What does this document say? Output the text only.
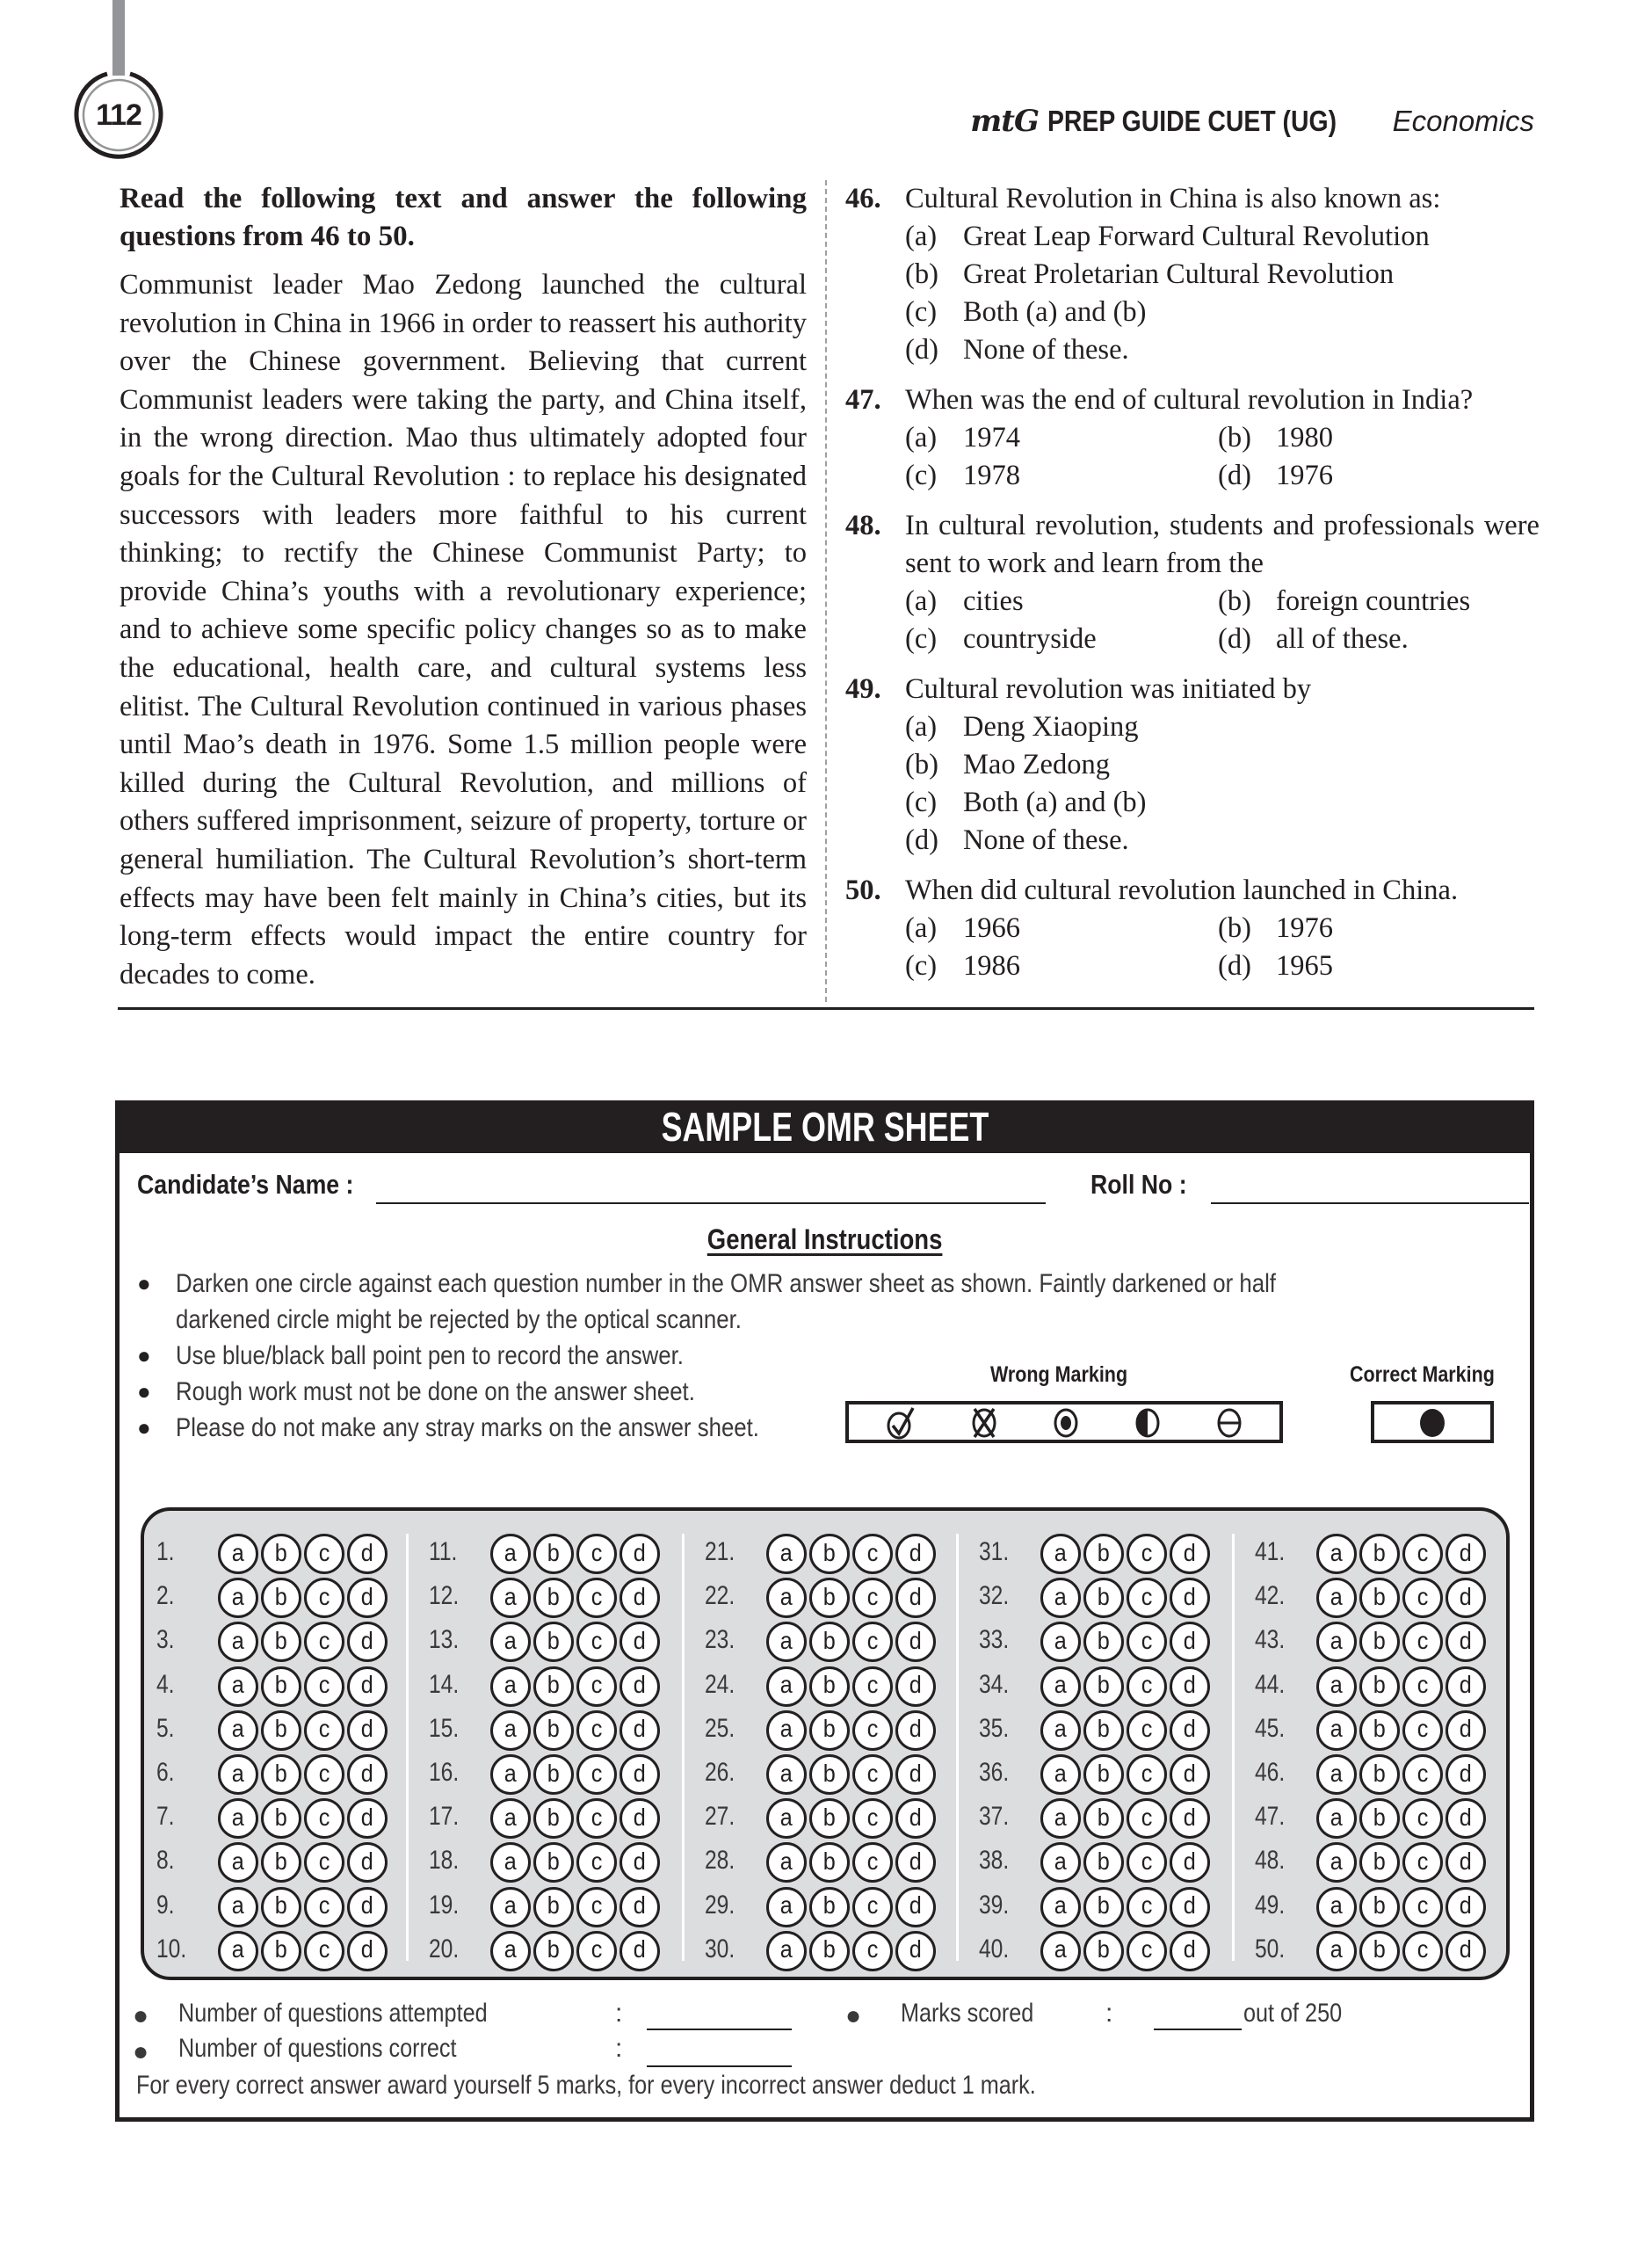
112	mtG PREP GUIDE CUET (UG) Economics

Read the following text and answer the following questions from 46 to 50.

Communist leader Mao Zedong launched the cultural revolution in China in 1966 in order to reassert his authority over the Chinese government. Believing that current Communist leaders were taking the party, and China itself, in the wrong direction. Mao thus ultimately adopted four goals for the Cultural Revolution : to replace his designated successors with leaders more faithful to his current thinking; to rectify the Chinese Communist Party; to provide China’s youths with a revolutionary experience; and to achieve some specific policy changes so as to make the educational, health care, and cultural systems less elitist. The Cultural Revolution continued in various phases until Mao’s death in 1976. Some 1.5 million people were killed during the Cultural Revolution, and millions of others suffered imprisonment, seizure of property, torture or general humiliation. The Cultural Revolution’s short-term effects may have been felt mainly in China’s cities, but its long-term effects would impact the entire country for decades to come.

46. Cultural Revolution in China is also known as:
(a) Great Leap Forward Cultural Revolution
(b) Great Proletarian Cultural Revolution
(c) Both (a) and (b)
(d) None of these.
47. When was the end of cultural revolution in India?
(a) 1974	(b) 1980
(c) 1978	(d) 1976
48. In cultural revolution, students and professionals were sent to work and learn from the
(a) cities	(b) foreign countries
(c) countryside	(d) all of these.
49. Cultural revolution was initiated by
(a) Deng Xiaoping
(b) Mao Zedong
(c) Both (a) and (b)
(d) None of these.
50. When did cultural revolution launched in China.
(a) 1966	(b) 1976
(c) 1986	(d) 1965
SAMPLE OMR SHEET
Candidate’s Name :	Roll No :
General Instructions
● Darken one circle against each question number in the OMR answer sheet as shown. Faintly darkened or half darkened circle might be rejected by the optical scanner.
● Use blue/black ball point pen to record the answer.
● Rough work must not be done on the answer sheet.
● Please do not make any stray marks on the answer sheet.
Wrong Marking	Correct Marking
1. a b c d
2. a b c d
3. a b c d
4. a b c d
5. a b c d
6. a b c d
7. a b c d
8. a b c d
9. a b c d
10. a b c d
11. a b c d
12. a b c d
13. a b c d
14. a b c d
15. a b c d
16. a b c d
17. a b c d
18. a b c d
19. a b c d
20. a b c d
21. a b c d
22. a b c d
23. a b c d
24. a b c d
25. a b c d
26. a b c d
27. a b c d
28. a b c d
29. a b c d
30. a b c d
31. a b c d
32. a b c d
33. a b c d
34. a b c d
35. a b c d
36. a b c d
37. a b c d
38. a b c d
39. a b c d
40. a b c d
41. a b c d
42. a b c d
43. a b c d
44. a b c d
45. a b c d
46. a b c d
47. a b c d
48. a b c d
49. a b c d
50. a b c d
● Number of questions attempted	:	● Marks scored	:	out of 250
● Number of questions correct	:
For every correct answer award yourself 5 marks, for every incorrect answer deduct 1 mark.
